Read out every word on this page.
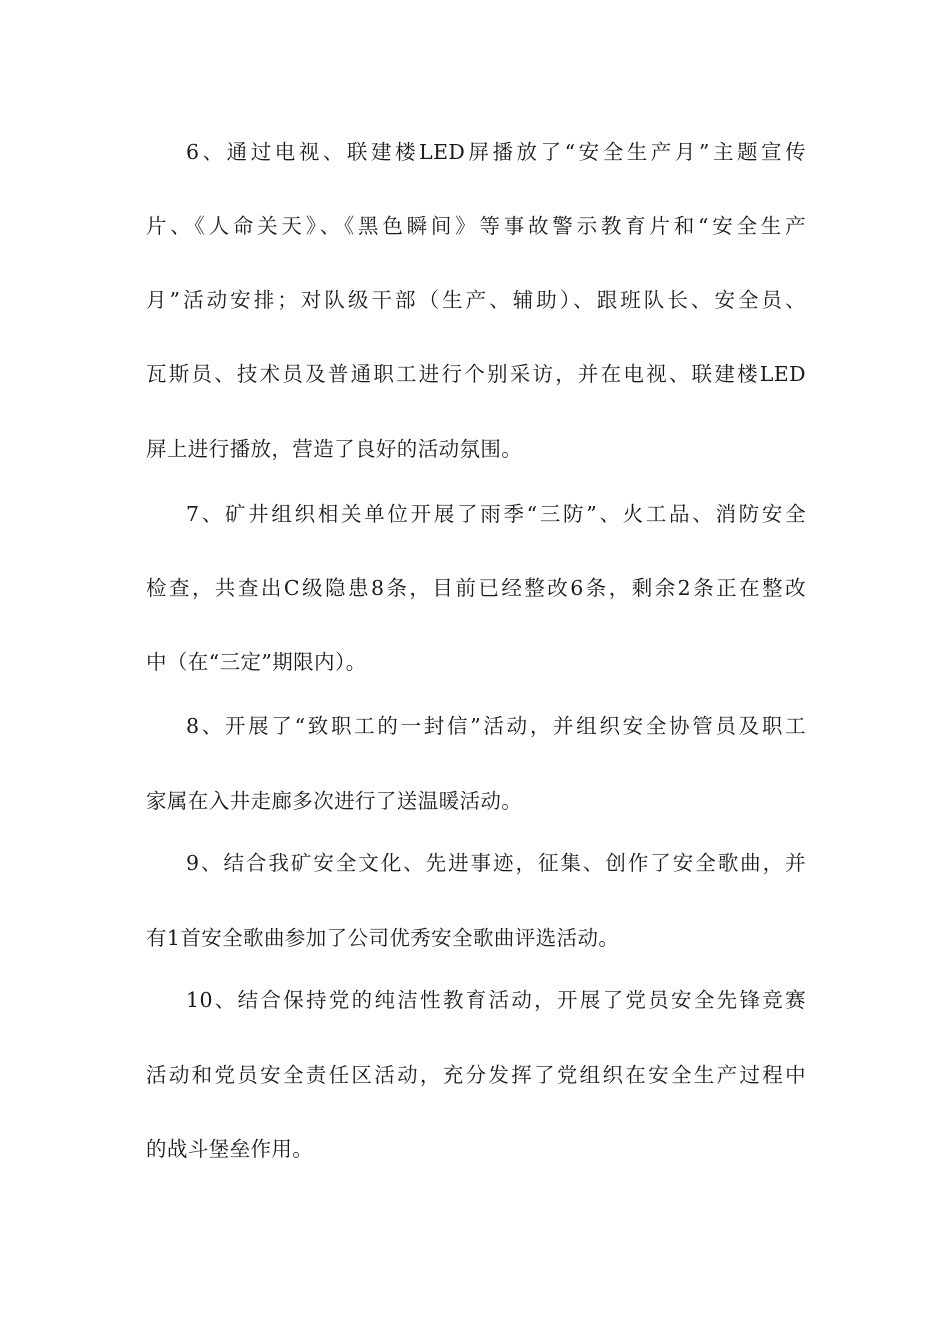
6、通过电视、联建楼LED屏播放了“安全生产月”主题宣传
片、《人命关天》、《黑色瞬间》等事故警示教育片和“安全生产
月”活动安排；对队级干部（生产、辅助）、跟班队长、安全员、
瓦斯员、技术员及普通职工进行个别采访，并在电视、联建楼LED
屏上进行播放，营造了良好的活动氛围。
7、矿井组织相关单位开展了雨季“三防”、火工品、消防安全
检查，共查出C级隐患8条，目前已经整改6条，剩余2条正在整改
中（在“三定”期限内）。
8、开展了“致职工的一封信”活动，并组织安全协管员及职工
家属在入井走廊多次进行了送温暖活动。
9、结合我矿安全文化、先进事迹，征集、创作了安全歌曲，并
有1首安全歌曲参加了公司优秀安全歌曲评选活动。
10、结合保持党的纯洁性教育活动，开展了党员安全先锋竞赛
活动和党员安全责任区活动，充分发挥了党组织在安全生产过程中
的战斗堡垒作用。
